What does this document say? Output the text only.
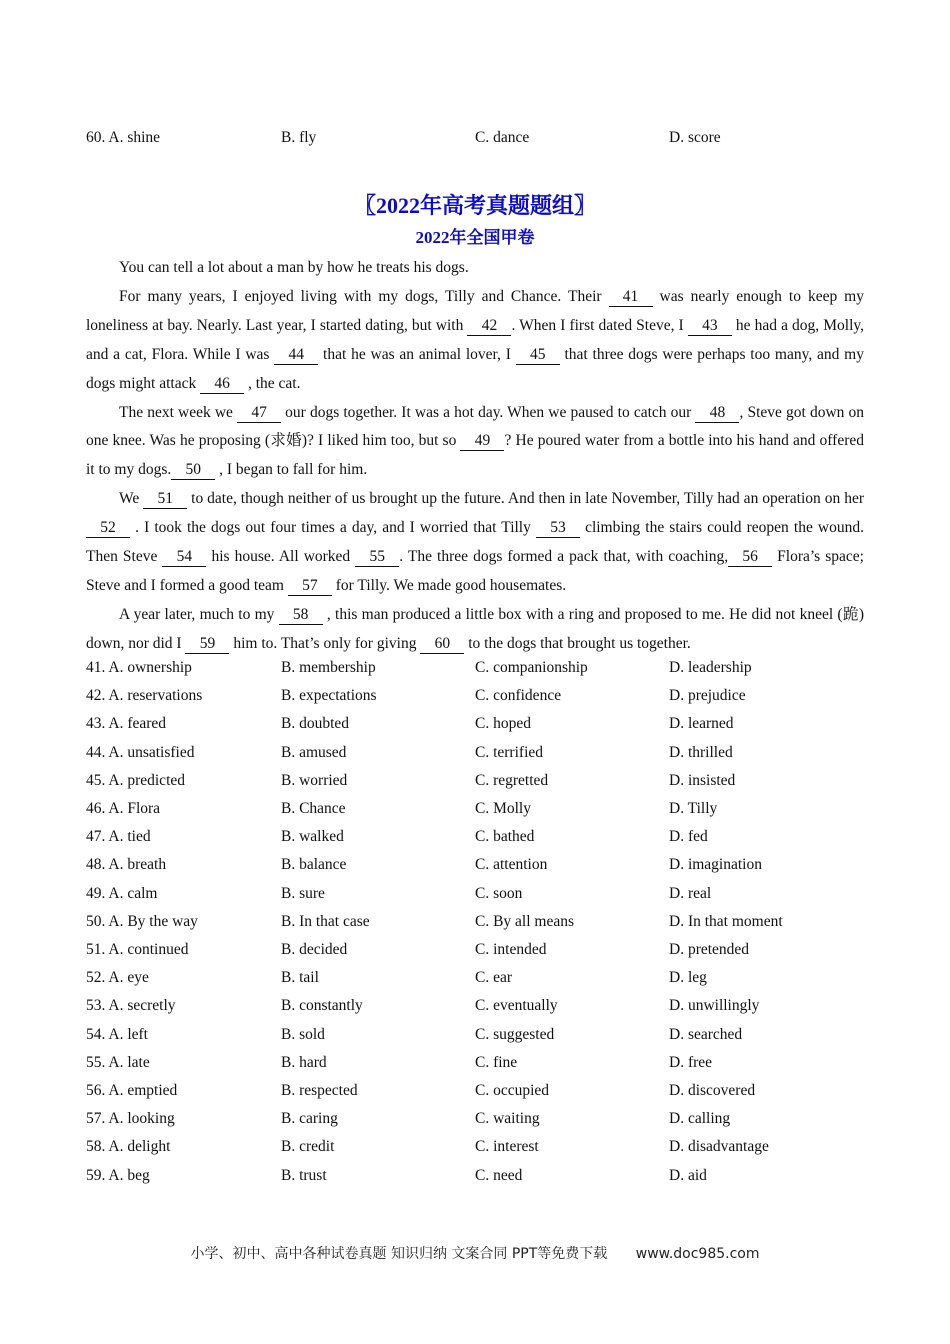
60. A. shine	B. fly	C. dance	D. score
〖2022年高考真题题组〗
2022年全国甲卷

You can tell a lot about a man by how he treats his dogs.

For many years, I enjoyed living with my dogs, Tilly and Chance. Their 41 was nearly enough to keep my loneliness at bay. Nearly. Last year, I started dating, but with 42 . When I first dated Steve, I 43 he had a dog, Molly, and a cat, Flora. While I was 44 that he was an animal lover, I 45 that three dogs were perhaps too many, and my dogs might attack 46 , the cat.

The next week we 47 our dogs together. It was a hot day. When we paused to catch our 48 , Steve got down on one knee. Was he proposing (求婚)? I liked him too, but so 49 ? He poured water from a bottle into his hand and offered it to my dogs. 50 , I began to fall for him.

We 51 to date, though neither of us brought up the future. And then in late November, Tilly had an operation on her 52 . I took the dogs out four times a day, and I worried that Tilly 53 climbing the stairs could reopen the wound. Then Steve 54 his house. All worked 55 . The three dogs formed a pack that, with coaching, 56 Flora’s space; Steve and I formed a good team 57 for Tilly. We made good housemates.

A year later, much to my 58 , this man produced a little box with a ring and proposed to me. He did not kneel (跪) down, nor did I 59 him to. That’s only for giving 60 to the dogs that brought us together.

41. A. ownership	B. membership	C. companionship	D. leadership
42. A. reservations	B. expectations	C. confidence	D. prejudice
43. A. feared	B. doubted	C. hoped	D. learned
44. A. unsatisfied	B. amused	C. terrified	D. thrilled
45. A. predicted	B. worried	C. regretted	D. insisted
46. A. Flora	B. Chance	C. Molly	D. Tilly
47. A. tied	B. walked	C. bathed	D. fed
48. A. breath	B. balance	C. attention	D. imagination
49. A. calm	B. sure	C. soon	D. real
50. A. By the way	B. In that case	C. By all means	D. In that moment
51. A. continued	B. decided	C. intended	D. pretended
52. A. eye	B. tail	C. ear	D. leg
53. A. secretly	B. constantly	C. eventually	D. unwillingly
54. A. left	B. sold	C. suggested	D. searched
55. A. late	B. hard	C. fine	D. free
56. A. emptied	B. respected	C. occupied	D. discovered
57. A. looking	B. caring	C. waiting	D. calling
58. A. delight	B. credit	C. interest	D. disadvantage
59. A. beg	B. trust	C. need	D. aid
小学、初中、高中各种试卷真题 知识归纳 文案合同 PPT等免费下载 www.doc985.com
